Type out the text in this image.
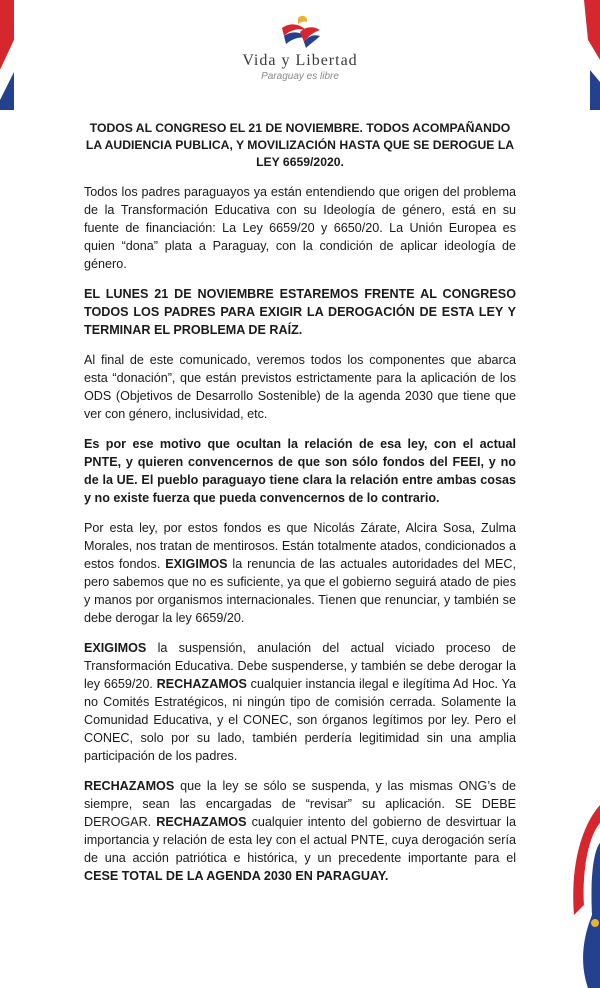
Vida y Libertad
Paraguay es libre
TODOS AL CONGRESO EL 21 DE NOVIEMBRE. TODOS ACOMPAÑANDO LA AUDIENCIA PUBLICA, Y MOVILIZACIÓN HASTA QUE SE DEROGUE LA LEY 6659/2020.

Todos los padres paraguayos ya están entendiendo que origen del problema de la Transformación Educativa con su Ideología de género, está en su fuente de financiación: La Ley 6659/20 y 6650/20. La Unión Europea es quien “dona” plata a Paraguay, con la condición de aplicar ideología de género.

EL LUNES 21 DE NOVIEMBRE ESTAREMOS FRENTE AL CONGRESO TODOS LOS PADRES PARA EXIGIR LA DEROGACIÓN DE ESTA LEY Y TERMINAR EL PROBLEMA DE RAÍZ.

Al final de este comunicado, veremos todos los componentes que abarca esta “donación”, que están previstos estrictamente para la aplicación de los ODS (Objetivos de Desarrollo Sostenible) de la agenda 2030 que tiene que ver con género, inclusividad, etc.

Es por ese motivo que ocultan la relación de esa ley, con el actual PNTE, y quieren convencernos de que son sólo fondos del FEEI, y no de la UE. El pueblo paraguayo tiene clara la relación entre ambas cosas y no existe fuerza que pueda convencernos de lo contrario.

Por esta ley, por estos fondos es que Nicolás Zárate, Alcira Sosa, Zulma Morales, nos tratan de mentirosos. Están totalmente atados, condicionados a estos fondos. EXIGIMOS la renuncia de las actuales autoridades del MEC, pero sabemos que no es suficiente, ya que el gobierno seguirá atado de pies y manos por organismos internacionales. Tienen que renunciar, y también se debe derogar la ley 6659/20.

EXIGIMOS la suspensión, anulación del actual viciado proceso de Transformación Educativa. Debe suspenderse, y también se debe derogar la ley 6659/20. RECHAZAMOS cualquier instancia ilegal e ilegítima Ad Hoc. Ya no Comités Estratégicos, ni ningún tipo de comisión cerrada. Solamente la Comunidad Educativa, y el CONEC, son órganos legítimos por ley. Pero el CONEC, solo por su lado, también perdería legitimidad sin una amplia participación de los padres.

RECHAZAMOS que la ley se sólo se suspenda, y las mismas ONG’s de siempre, sean las encargadas de “revisar” su aplicación. SE DEBE DEROGAR. RECHAZAMOS cualquier intento del gobierno de desvirtuar la importancia y relación de esta ley con el actual PNTE, cuya derogación sería de una acción patriótica e histórica, y un precedente importante para el CESE TOTAL DE LA AGENDA 2030 EN PARAGUAY.
